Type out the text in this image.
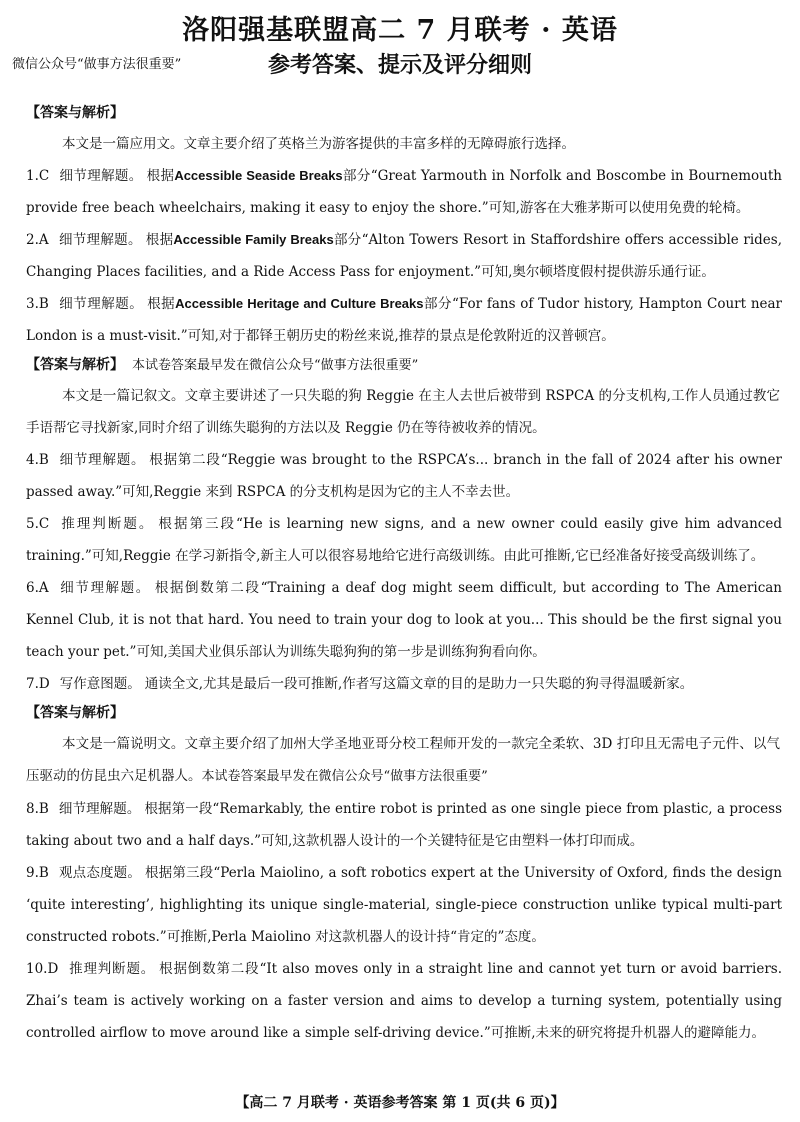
洛阳强基联盟高二 7 月联考 · 英语
微信公众号“做事方法很重要”	参考答案、提示及评分细则
【答案与解析】

本文是一篇应用文。文章主要介绍了英格兰为游客提供的丰富多样的无障碍旅行选择。

1.C 细节理解题。 根据Accessible Seaside Breaks部分“Great Yarmouth in Norfolk and Boscombe in Bournemouth provide free beach wheelchairs, making it easy to enjoy the shore.”可知,游客在大雅茅斯可以使用免费的轮椅。

2.A 细节理解题。 根据Accessible Family Breaks部分“Alton Towers Resort in Staffordshire offers accessible rides, Changing Places facilities, and a Ride Access Pass for enjoyment.”可知,奥尔顿塔度假村提供游乐通行证。

3.B 细节理解题。 根据Accessible Heritage and Culture Breaks部分“For fans of Tudor history, Hampton Court near London is a must-visit.”可知,对于都铎王朝历史的粉丝来说,推荐的景点是伦敦附近的汉普顿宫。

【答案与解析】 本试卷答案最早发在微信公众号“做事方法很重要”

本文是一篇记叙文。文章主要讲述了一只失聪的狗 Reggie 在主人去世后被带到 RSPCA 的分支机构,工作人员通过教它手语帮它寻找新家,同时介绍了训练失聪狗的方法以及 Reggie 仍在等待被收养的情况。

4.B 细节理解题。 根据第二段“Reggie was brought to the RSPCA’s... branch in the fall of 2024 after his owner passed away.”可知,Reggie 来到 RSPCA 的分支机构是因为它的主人不幸去世。

5.C 推理判断题。 根据第三段“He is learning new signs, and a new owner could easily give him advanced training.”可知,Reggie 在学习新指令,新主人可以很容易地给它进行高级训练。由此可推断,它已经准备好接受高级训练了。

6.A 细节理解题。 根据倒数第二段“Training a deaf dog might seem difficult, but according to The American Kennel Club, it is not that hard. You need to train your dog to look at you... This should be the first signal you teach your pet.”可知,美国犬业俱乐部认为训练失聪狗狗的第一步是训练狗狗看向你。

7.D 写作意图题。 通读全文,尤其是最后一段可推断,作者写这篇文章的目的是助力一只失聪的狗寻得温暖新家。

【答案与解析】

本文是一篇说明文。文章主要介绍了加州大学圣地亚哥分校工程师开发的一款完全柔软、3D 打印且无需电子元件、以气压驱动的仿昆虫六足机器人。本试卷答案最早发在微信公众号“做事方法很重要”

8.B 细节理解题。 根据第一段“Remarkably, the entire robot is printed as one single piece from plastic, a process taking about two and a half days.”可知,这款机器人设计的一个关键特征是它由塑料一体打印而成。

9.B 观点态度题。 根据第三段“Perla Maiolino, a soft robotics expert at the University of Oxford, finds the design ‘quite interesting’, highlighting its unique single-material, single-piece construction unlike typical multi-part constructed robots.”可推断,Perla Maiolino 对这款机器人的设计持“肯定的”态度。

10.D 推理判断题。 根据倒数第二段“It also moves only in a straight line and cannot yet turn or avoid barriers. Zhai’s team is actively working on a faster version and aims to develop a turning system, potentially using controlled airflow to move around like a simple self-driving device.”可推断,未来的研究将提升机器人的避障能力。

【高二 7 月联考 · 英语参考答案 第 1 页(共 6 页)】
